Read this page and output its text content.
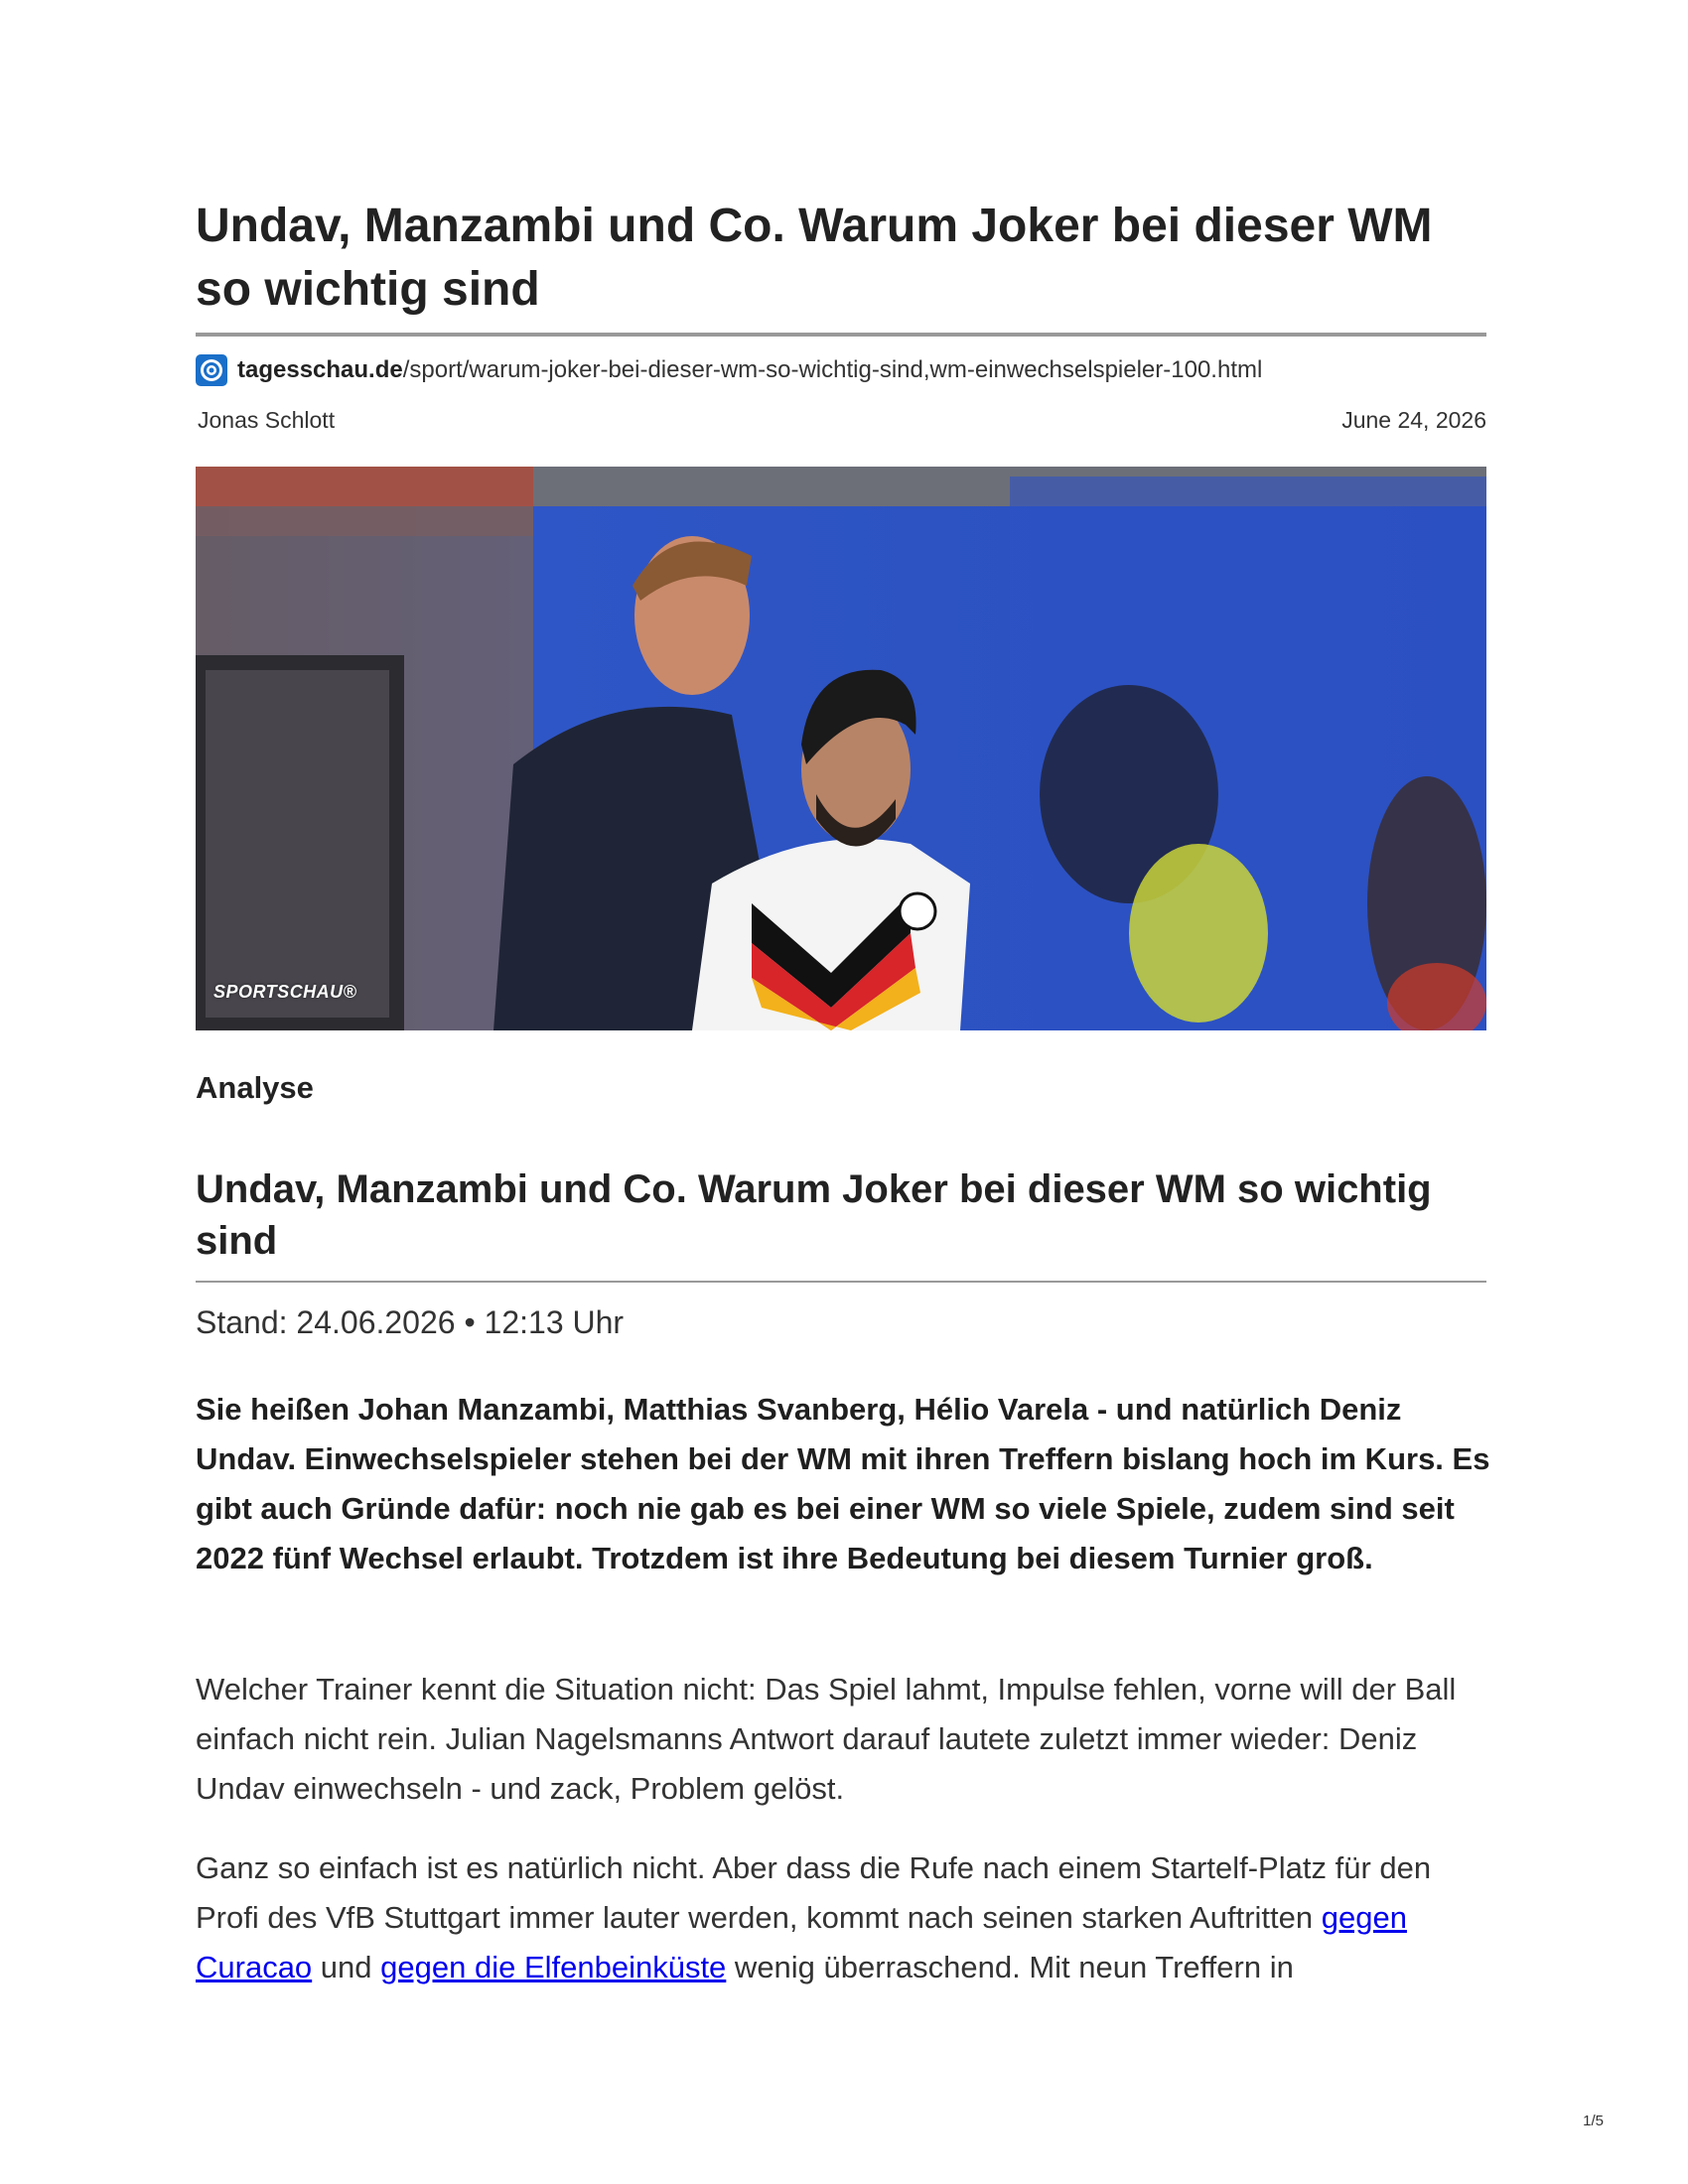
Undav, Manzambi und Co. Warum Joker bei dieser WM so wichtig sind
tagesschau.de /sport/warum-joker-bei-dieser-wm-so-wichtig-sind,wm-einwechselspieler-100.html
Jonas Schlott	June 24, 2026
SPORTSCHAU®
Analyse
Undav, Manzambi und Co. Warum Joker bei dieser WM so wichtig sind
Stand: 24.06.2026 • 12:13 Uhr

Sie heißen Johan Manzambi, Matthias Svanberg, Hélio Varela - und natürlich Deniz Undav. Einwechselspieler stehen bei der WM mit ihren Treffern bislang hoch im Kurs. Es gibt auch Gründe dafür: noch nie gab es bei einer WM so viele Spiele, zudem sind seit 2022 fünf Wechsel erlaubt. Trotzdem ist ihre Bedeutung bei diesem Turnier groß.

Welcher Trainer kennt die Situation nicht: Das Spiel lahmt, Impulse fehlen, vorne will der Ball einfach nicht rein. Julian Nagelsmanns Antwort darauf lautete zuletzt immer wieder: Deniz Undav einwechseln - und zack, Problem gelöst.

Ganz so einfach ist es natürlich nicht. Aber dass die Rufe nach einem Startelf-Platz für den Profi des VfB Stuttgart immer lauter werden, kommt nach seinen starken Auftritten gegen Curacao und gegen die Elfenbeinküste wenig überraschend. Mit neun Treffern in

1/5
